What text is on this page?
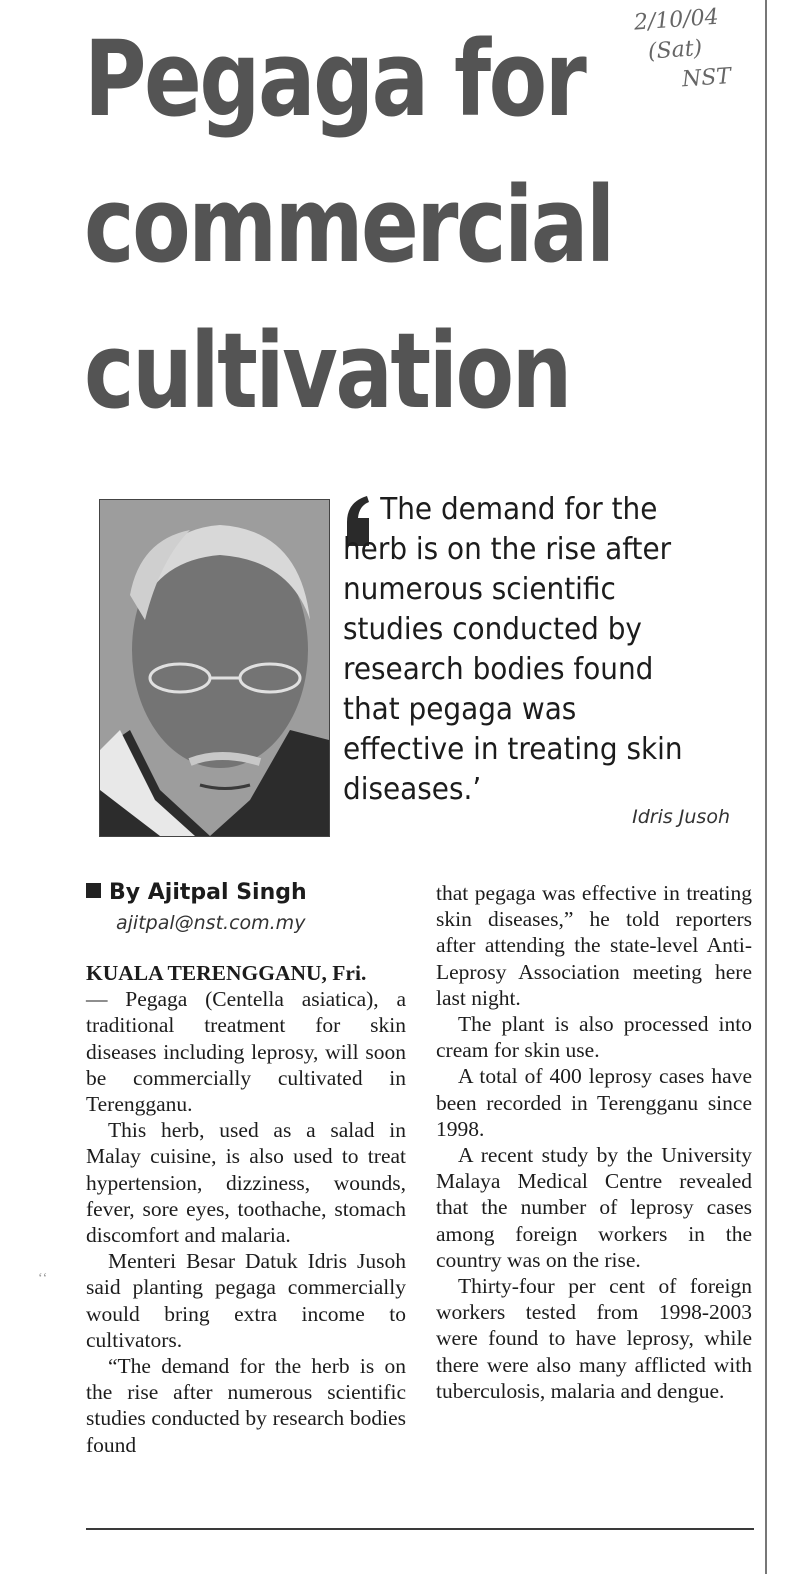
2/10/04
(Sat)
NST
Pegaga for
commercial
cultivation
The demand for the herb is on the rise after numerous scientific studies conducted by research bodies found that pegaga was effective in treating skin diseases.’
Idris Jusoh
By Ajitpal Singh
ajitpal@nst.com.my

KUALA TERENGGANU, Fri.

— Pegaga (Centella asiatica), a traditional treatment for skin diseases including leprosy, will soon be commercially cultivated in Terengganu.

This herb, used as a salad in Malay cuisine, is also used to treat hypertension, dizziness, wounds, fever, sore eyes, toothache, stomach discomfort and malaria.

Menteri Besar Datuk Idris Jusoh said planting pegaga commercially would bring extra income to cultivators.

“The demand for the herb is on the rise after numerous scientific studies conducted by research bodies found

that pegaga was effective in treating skin diseases,” he told reporters after attending the state-level Anti-Leprosy Association meeting here last night.

The plant is also processed into cream for skin use.

A total of 400 leprosy cases have been recorded in Terengganu since 1998.

A recent study by the University Malaya Medical Centre revealed that the number of leprosy cases among foreign workers in the country was on the rise.

Thirty-four per cent of foreign workers tested from 1998-2003 were found to have leprosy, while there were also many afflicted with tuberculosis, malaria and dengue.

ʻʻ
